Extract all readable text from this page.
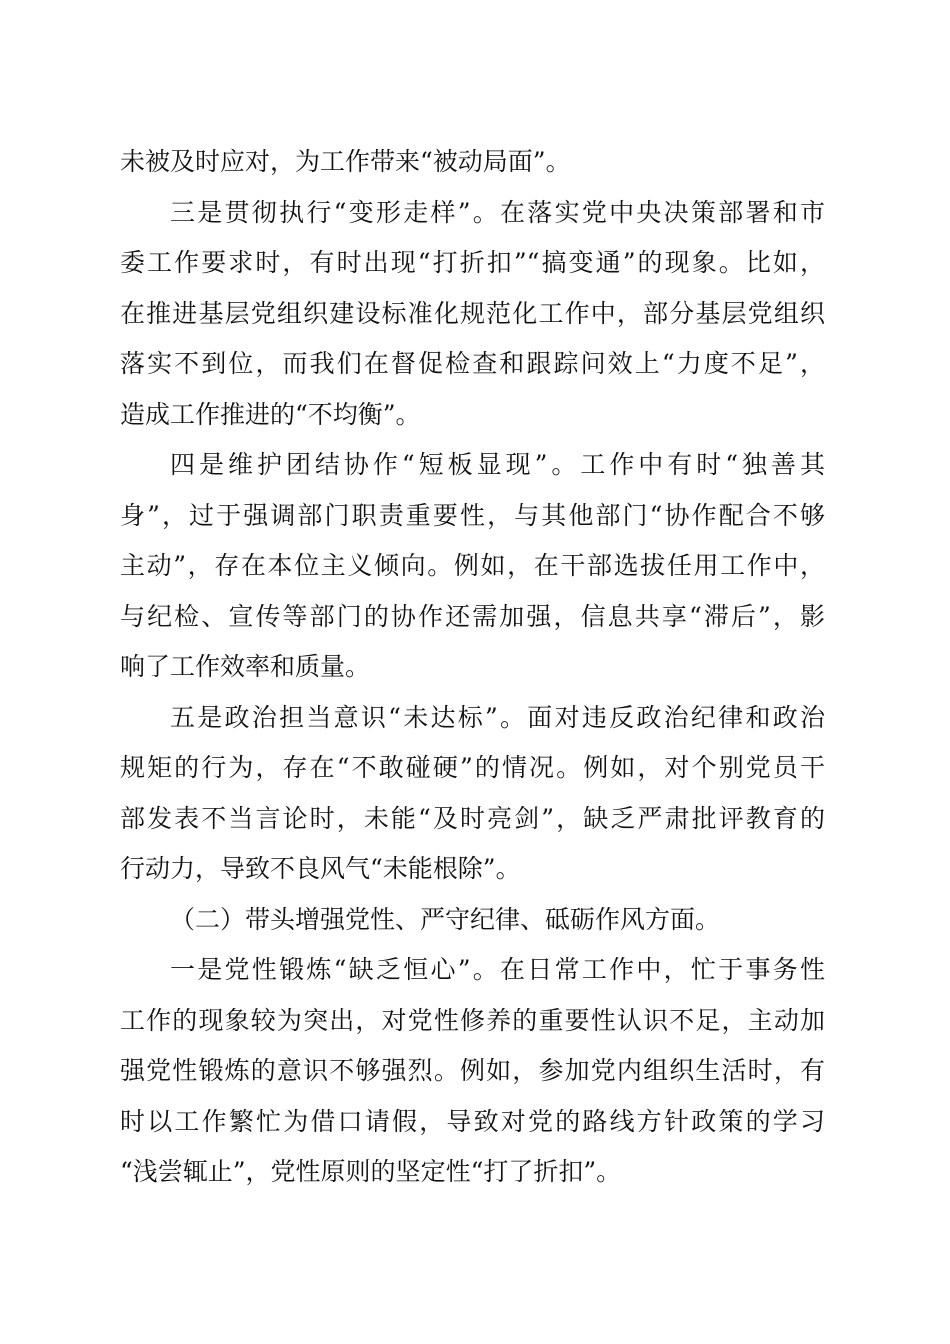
未被及时应对，为工作带来“被动局面”。
三是贯彻执行“变形走样”。在落实党中央决策部署和市
委工作要求时，有时出现“打折扣”“搞变通”的现象。比如，
在推进基层党组织建设标准化规范化工作中，部分基层党组织
落实不到位，而我们在督促检查和跟踪问效上“力度不足”，
造成工作推进的“不均衡”。
四是维护团结协作“短板显现”。工作中有时“独善其
身”，过于强调部门职责重要性，与其他部门“协作配合不够
主动”，存在本位主义倾向。例如，在干部选拔任用工作中，
与纪检、宣传等部门的协作还需加强，信息共享“滞后”，影
响了工作效率和质量。
五是政治担当意识“未达标”。面对违反政治纪律和政治
规矩的行为，存在“不敢碰硬”的情况。例如，对个别党员干
部发表不当言论时，未能“及时亮剑”，缺乏严肃批评教育的
行动力，导致不良风气“未能根除”。
（二）带头增强党性、严守纪律、砥砺作风方面。
一是党性锻炼“缺乏恒心”。在日常工作中，忙于事务性
工作的现象较为突出，对党性修养的重要性认识不足，主动加
强党性锻炼的意识不够强烈。例如，参加党内组织生活时，有
时以工作繁忙为借口请假，导致对党的路线方针政策的学习
“浅尝辄止”，党性原则的坚定性“打了折扣”。
